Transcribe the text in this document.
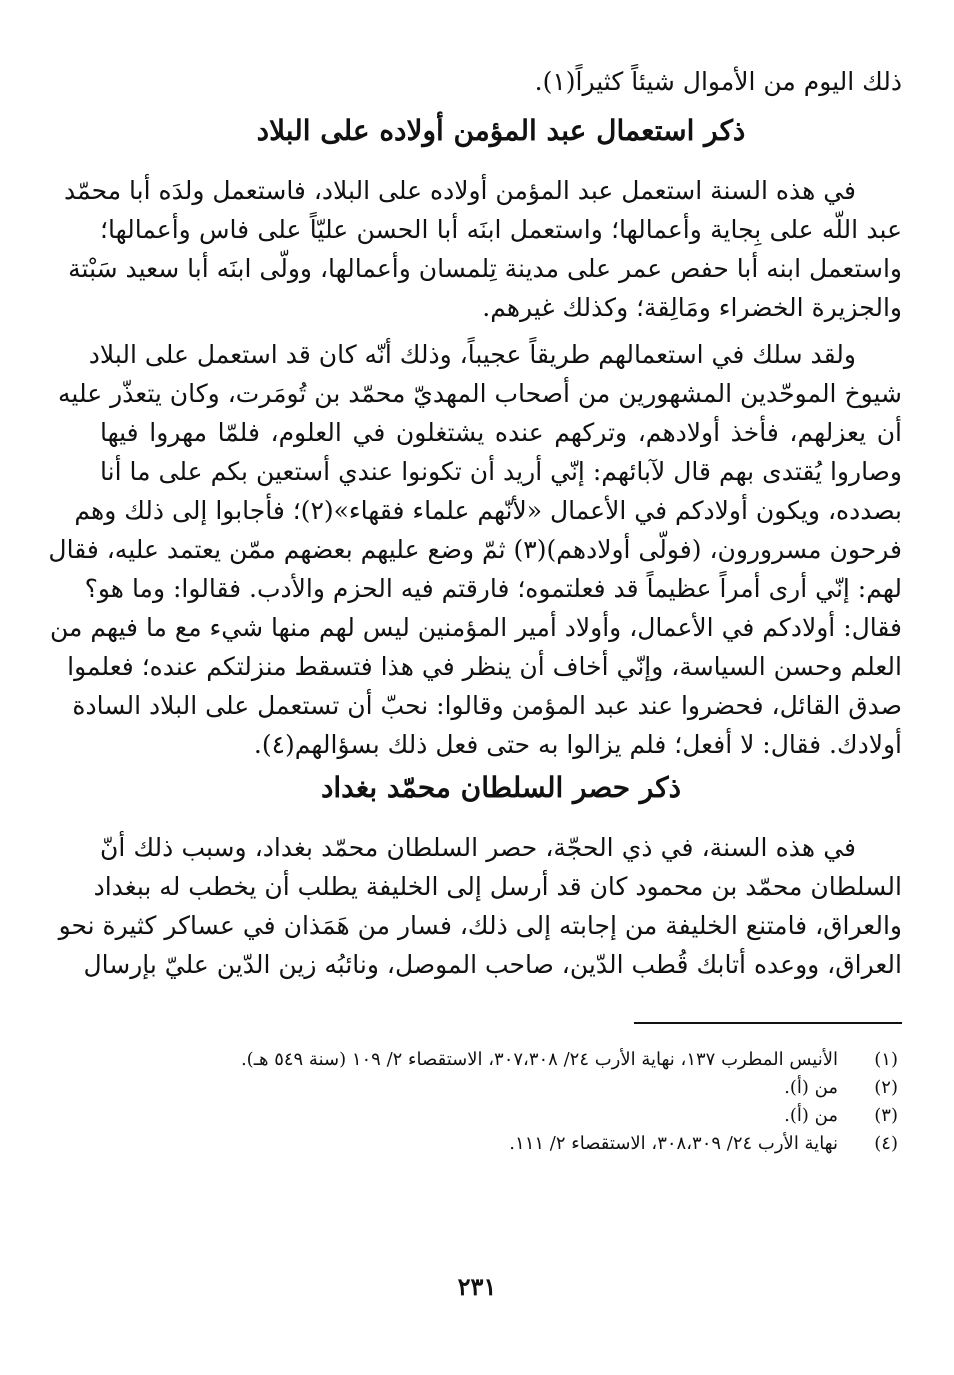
ذلك اليوم من الأموال شيئاً كثيراً(١).
ذكر استعمال عبد المؤمن أولاده على البلاد
في هذه السنة استعمل عبد المؤمن أولاده على البلاد، فاستعمل ولدَه أبا محمّد
عبد اللّه على بِجاية وأعمالها؛ واستعمل ابنَه أبا الحسن عليّاً على فاس وأعمالها؛
واستعمل ابنه أبا حفص عمر على مدينة تِلمسان وأعمالها، وولّى ابنَه أبا سعيد سَبْتة
والجزيرة الخضراء ومَالِقة؛ وكذلك غيرهم.
ولقد سلك في استعمالهم طريقاً عجيباً، وذلك أنّه كان قد استعمل على البلاد
شيوخ الموحّدين المشهورين من أصحاب المهديّ محمّد بن تُومَرت، وكان يتعذّر عليه
أن يعزلهم، فأخذ أولادهم، وتركهم عنده يشتغلون في العلوم، فلمّا مهروا فيها
وصاروا يُقتدى بهم قال لآبائهم: إنّي أريد أن تكونوا عندي أستعين بكم على ما أنا
بصدده، ويكون أولادكم في الأعمال «لأنّهم علماء فقهاء»(٢)؛ فأجابوا إلى ذلك وهم
فرحون مسرورون، (فولّى أولادهم)(٣) ثمّ وضع عليهم بعضهم ممّن يعتمد عليه، فقال
لهم: إنّي أرى أمراً عظيماً قد فعلتموه؛ فارقتم فيه الحزم والأدب. فقالوا: وما هو؟
فقال: أولادكم في الأعمال، وأولاد أمير المؤمنين ليس لهم منها شيء مع ما فيهم من
العلم وحسن السياسة، وإنّي أخاف أن ينظر في هذا فتسقط منزلتكم عنده؛ فعلموا
صدق القائل، فحضروا عند عبد المؤمن وقالوا: نحبّ أن تستعمل على البلاد السادة
أولادك. فقال: لا أفعل؛ فلم يزالوا به حتى فعل ذلك بسؤالهم(٤).
ذكر حصر السلطان محمّد بغداد
في هذه السنة، في ذي الحجّة، حصر السلطان محمّد بغداد، وسبب ذلك أنّ
السلطان محمّد بن محمود كان قد أرسل إلى الخليفة يطلب أن يخطب له ببغداد
والعراق، فامتنع الخليفة من إجابته إلى ذلك، فسار من هَمَذان في عساكر كثيرة نحو
العراق، ووعده أتابك قُطب الدّين، صاحب الموصل، ونائبُه زين الدّين عليّ بإرسال
(١)
الأنيس المطرب ١٣٧، نهاية الأرب ٢٤/ ٣٠٧،٣٠٨، الاستقصاء ٢/ ١٠٩ (سنة ٥٤٩ هـ).
(٢)
من (أ).
(٣)
من (أ).
(٤)
نهاية الأرب ٢٤/ ٣٠٨،٣٠٩، الاستقصاء ٢/ ١١١.
٢٣١
